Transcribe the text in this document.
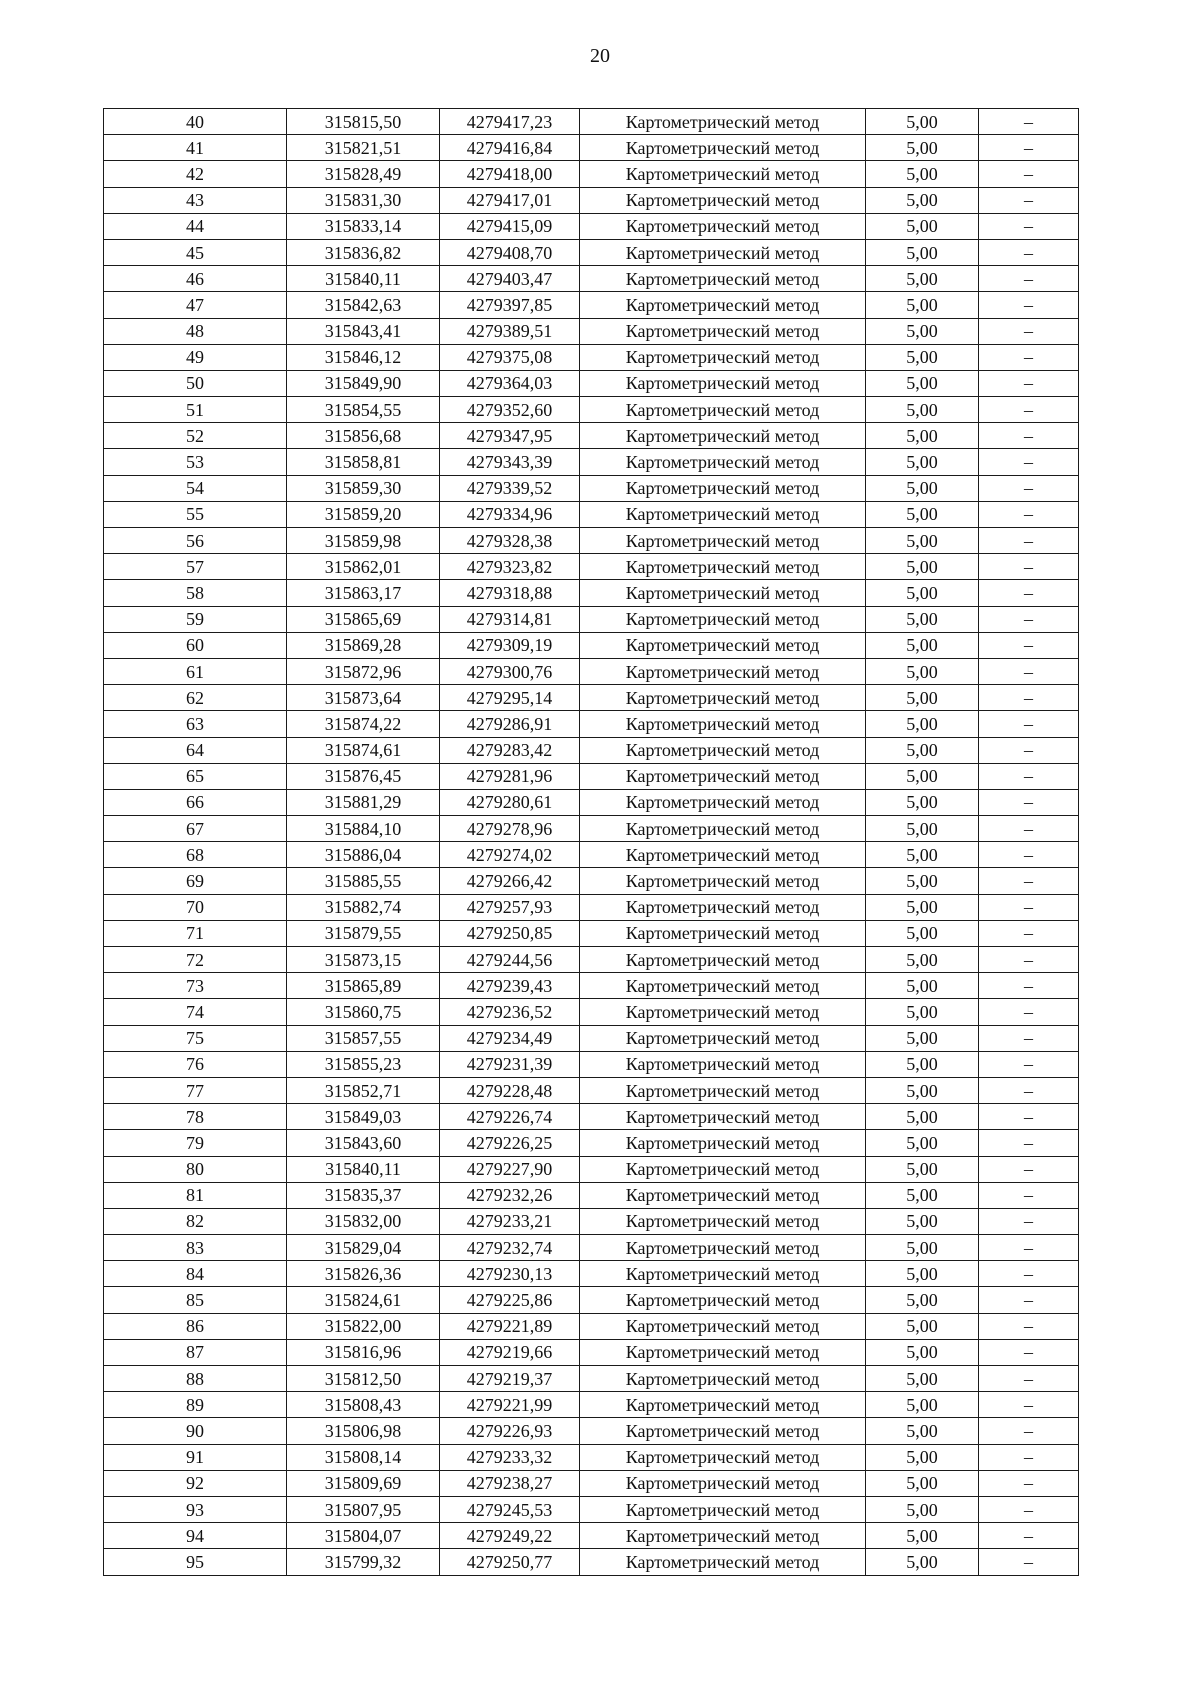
20
40	315815,50	4279417,23	Картометрический метод	5,00	–
41	315821,51	4279416,84	Картометрический метод	5,00	–
42	315828,49	4279418,00	Картометрический метод	5,00	–
43	315831,30	4279417,01	Картометрический метод	5,00	–
44	315833,14	4279415,09	Картометрический метод	5,00	–
45	315836,82	4279408,70	Картометрический метод	5,00	–
46	315840,11	4279403,47	Картометрический метод	5,00	–
47	315842,63	4279397,85	Картометрический метод	5,00	–
48	315843,41	4279389,51	Картометрический метод	5,00	–
49	315846,12	4279375,08	Картометрический метод	5,00	–
50	315849,90	4279364,03	Картометрический метод	5,00	–
51	315854,55	4279352,60	Картометрический метод	5,00	–
52	315856,68	4279347,95	Картометрический метод	5,00	–
53	315858,81	4279343,39	Картометрический метод	5,00	–
54	315859,30	4279339,52	Картометрический метод	5,00	–
55	315859,20	4279334,96	Картометрический метод	5,00	–
56	315859,98	4279328,38	Картометрический метод	5,00	–
57	315862,01	4279323,82	Картометрический метод	5,00	–
58	315863,17	4279318,88	Картометрический метод	5,00	–
59	315865,69	4279314,81	Картометрический метод	5,00	–
60	315869,28	4279309,19	Картометрический метод	5,00	–
61	315872,96	4279300,76	Картометрический метод	5,00	–
62	315873,64	4279295,14	Картометрический метод	5,00	–
63	315874,22	4279286,91	Картометрический метод	5,00	–
64	315874,61	4279283,42	Картометрический метод	5,00	–
65	315876,45	4279281,96	Картометрический метод	5,00	–
66	315881,29	4279280,61	Картометрический метод	5,00	–
67	315884,10	4279278,96	Картометрический метод	5,00	–
68	315886,04	4279274,02	Картометрический метод	5,00	–
69	315885,55	4279266,42	Картометрический метод	5,00	–
70	315882,74	4279257,93	Картометрический метод	5,00	–
71	315879,55	4279250,85	Картометрический метод	5,00	–
72	315873,15	4279244,56	Картометрический метод	5,00	–
73	315865,89	4279239,43	Картометрический метод	5,00	–
74	315860,75	4279236,52	Картометрический метод	5,00	–
75	315857,55	4279234,49	Картометрический метод	5,00	–
76	315855,23	4279231,39	Картометрический метод	5,00	–
77	315852,71	4279228,48	Картометрический метод	5,00	–
78	315849,03	4279226,74	Картометрический метод	5,00	–
79	315843,60	4279226,25	Картометрический метод	5,00	–
80	315840,11	4279227,90	Картометрический метод	5,00	–
81	315835,37	4279232,26	Картометрический метод	5,00	–
82	315832,00	4279233,21	Картометрический метод	5,00	–
83	315829,04	4279232,74	Картометрический метод	5,00	–
84	315826,36	4279230,13	Картометрический метод	5,00	–
85	315824,61	4279225,86	Картометрический метод	5,00	–
86	315822,00	4279221,89	Картометрический метод	5,00	–
87	315816,96	4279219,66	Картометрический метод	5,00	–
88	315812,50	4279219,37	Картометрический метод	5,00	–
89	315808,43	4279221,99	Картометрический метод	5,00	–
90	315806,98	4279226,93	Картометрический метод	5,00	–
91	315808,14	4279233,32	Картометрический метод	5,00	–
92	315809,69	4279238,27	Картометрический метод	5,00	–
93	315807,95	4279245,53	Картометрический метод	5,00	–
94	315804,07	4279249,22	Картометрический метод	5,00	–
95	315799,32	4279250,77	Картометрический метод	5,00	–
